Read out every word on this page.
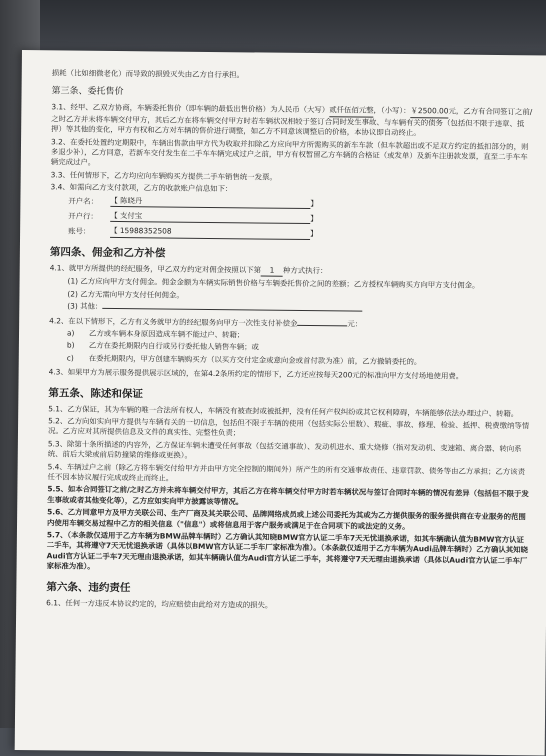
损耗（比如细微老化）而导致的损毁灭失由乙方自行承担。
第三条、委托售价
3.1、经甲、乙双方协商，车辆委托售价（即车辆的最低出售价格）为人民币（大写）贰仟伍佰元整，（小写）：￥2500.00元，乙方有合同签订之前/之时乙方并未将车辆交付甲方，其后乙方在将车辆交付甲方时若车辆状况相较于签订合同时发生事故、与车辆有关的债务（包括但不限于违章、抵押）等其他的变化，甲方有权和乙方对车辆的售价进行调整，如乙方不同意该调整后的价格，本协议即自动终止。
3.2、在委托处置约定期限中，车辆出售款由甲方代为收取并扣除乙方应向甲方所需购买的新车车款（但车款超出或不足双方约定的抵扣部分的，则多退少补），乙方同意，若新车交付发生在二手车车辆完成过户之前，甲方有权暂留乙方车辆的合格证（或发单）及新车注册款发票，直至二手车车辆完成过户。
3.3、任何情形下，乙方均应向车辆购买方提供二手车销售统一发票。
3.4、如需向乙方支付款项，乙方的收款账户信息如下：
开户名：	【 陈晓丹	】
开户行：	【 支付宝	】
账号：	【 15988352508	】
第四条、佣金和乙方补偿
4.1、就甲方所提供的经纪服务，甲乙双方约定对佣金按照以下第 1 种方式执行：
(1) 乙方应向甲方支付佣金。佣金金额为车辆实际销售价格与车辆委托售价之间的差额；乙方授权车辆购买方向甲方支付佣金。
(2) 乙方无需向甲方支付任何佣金。
(3) 其他：
4.2、在以下情形下，乙方有义务就甲方的经纪服务向甲方一次性支付补偿金	元：
a)	乙方或车辆本身原因造成车辆不能过户、转籍；
b)	乙方在委托期限内自行或另行委托他人销售车辆；或
c)	在委托期限内，甲方创建车辆购买方（以买方交付定金或意向金或首付款为准）前，乙方撤销委托的。
4.3、如果甲方为展示服务提供展示区域的，在第4.2条所约定的情形下，乙方还应按每天200元的标准向甲方支付场地使用费。
第五条、陈述和保证
5.1、乙方保证，其为车辆的唯一合法所有权人，车辆没有被查封或被抵押，没有任何产权纠纷或其它权利障碍，车辆能够依法办理过户、转籍。
5.2、乙方向如实向甲方提供与车辆有关的一切信息，包括但不限于车辆的使用（包括实际公里数）、瑕疵、事故、修理、检验、抵押、税费缴纳等情况。乙方应对其所提供信息及文件的真实性、完整性负责；
5.3、除第十条所描述的内容外，乙方保证车辆未遭受任何事故（包括交通事故）、发动机进水、重大烧修（指对发动机、变速箱、离合器、转向系统、前后大梁或前后防撞梁的维修或更换）。
5.4、车辆过户之前（除乙方将车辆交付给甲方并由甲方完全控制的期间外）所产生的所有交通事故责任、违章罚款、债务等由乙方承担；乙方该责任不因本协议履行完成或终止而终止。
5.5、如本合同签订之前/之时乙方并未将车辆交付甲方，其后乙方在将车辆交付甲方时若车辆状况与签订合同时车辆的情况有差异（包括但不限于发生事故或者其他变化等），乙方应如实向甲方披露该等情况。
5.6、乙方同意甲方及甲方关联公司、生产厂商及其关联公司、品牌网络成员或上述公司委托为其或为乙方提供服务的服务提供商在专业服务的范围内使用车辆交易过程中乙方的相关信息（"信息"）或将信息用于客户服务或满足于在合同项下的或法定的义务。
5.7、（本条款仅适用于乙方车辆为BMW品牌车辆时）乙方确认其知晓BMW官方认证二手车7天无忧退换承诺，如其车辆确认值为BMW官方认证二手车，其将遵守7天无忧退换承诺（具体以BMW官方认证二手车厂家标准为准）。（本条款仅适用于乙方车辆为Audi品牌车辆时）乙方确认其知晓Audi官方认证二手车7天无理由退换承诺，如其车辆确认值为Audi官方认证二手车，其将遵守7天无理由退换承诺（具体以Audi官方认证二手车厂家标准为准）。
第六条、违约责任
6.1、任何一方违反本协议约定的，均应赔偿由此给对方造成的损失。
